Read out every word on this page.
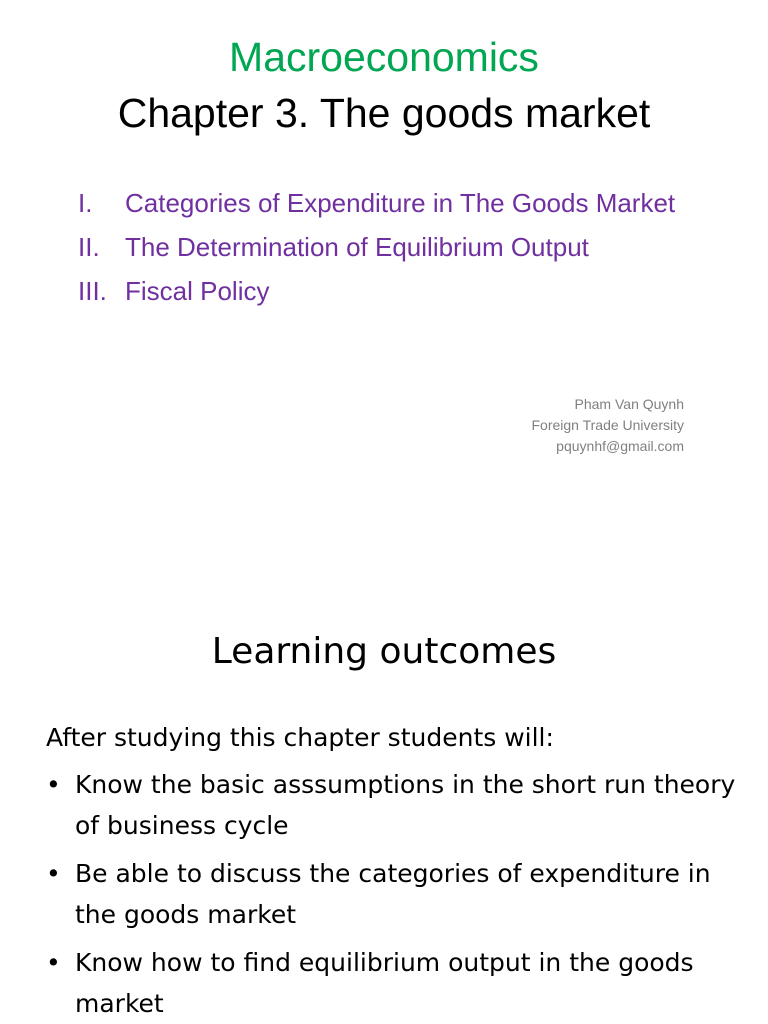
Macroeconomics
Chapter 3. The goods market
I. Categories of Expenditure in The Goods Market
II. The Determination of Equilibrium Output
III. Fiscal Policy
Pham Van Quynh
Foreign Trade University
pquynhf@gmail.com
Learning outcomes
After studying this chapter students will:
• Know the basic asssumptions in the short run theory of business cycle
• Be able to discuss the categories of expenditure in the goods market
• Know how to find equilibrium output in the goods market
